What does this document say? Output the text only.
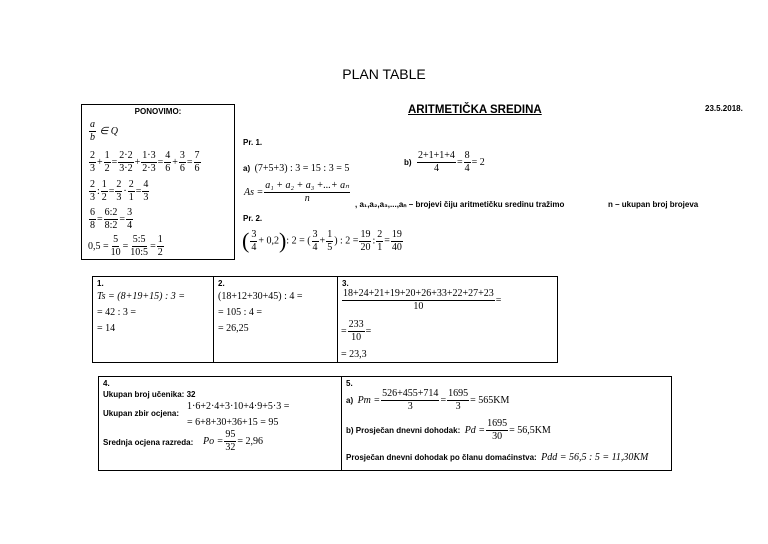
PLAN TABLE
ARITMETIČKA SREDINA	23.5.2018.
PONOVIMO:
$\frac{a}{b}$ ∈ Q
$\frac{2}{3} + \frac{1}{2} = \frac{2\cdot 2}{3\cdot 2} + \frac{1\cdot 3}{2\cdot 3} = \frac{4}{6} + \frac{3}{6} = \frac{7}{6}$
$\frac{2}{3}$ : $\frac{1}{2} = \frac{2}{3} \cdot \frac{2}{1} = \frac{4}{3}$
$\frac{6}{8} = \frac{6:2}{8:2} = \frac{3}{4}$
$0,5 = \frac{5}{10} = \frac{5:5}{10:5} = \frac{1}{2}$
Pr. 1.
a) (7+5+3) : 3 = 15 : 3 = 5
$b) \frac{2+1+1+4}{4} = \frac{8}{4} = 2$
$As = \frac{\text{a₁ + a₂ + a₃ +...+ aₙ}}{n}$
, a₁,a₂,a₃,...,aₙ – brojevi čiju aritmetičku sredinu tražimo	n – ukupan broj brojeva
Pr. 2.
( $\frac{3}{4} + 0,2$): 2 = ( $\frac{3}{4} + \frac{1}{5}$ ) : $2 = \frac{19}{20}$ : $\frac{2}{1} = \frac{19}{40}$
1.
Ts = (8+19+15) : 3 =
= 42 : 3 =
= 14
2.
(18+12+30+45) : 4 =
= 105 : 4 =
= 26,25
3.
$\frac{18+24+21+19+20+26+33+22+27+23}{10}$ =
= $\frac{233}{10}$ =
= 23,3
4.
Ukupan broj učenika: 32
Ukupan zbir ocjena:
1·6+2·4+3·10+4·9+5·3 =
= 6+8+30+36+15 = 95
Srednja ocjena razreda: $Po = \frac{95}{32} = 2,96$
5.
a) $Pm = \frac{526+455+714}{3} = \frac{1695}{3} = 565KM$
b) Prosječan dnevni dohodak: $Pd = \frac{1695}{30} = 56,5KM$
Prosječan dnevni dohodak po članu domaćinstva: Pdd = 56,5 : 5 = 11,30KM
